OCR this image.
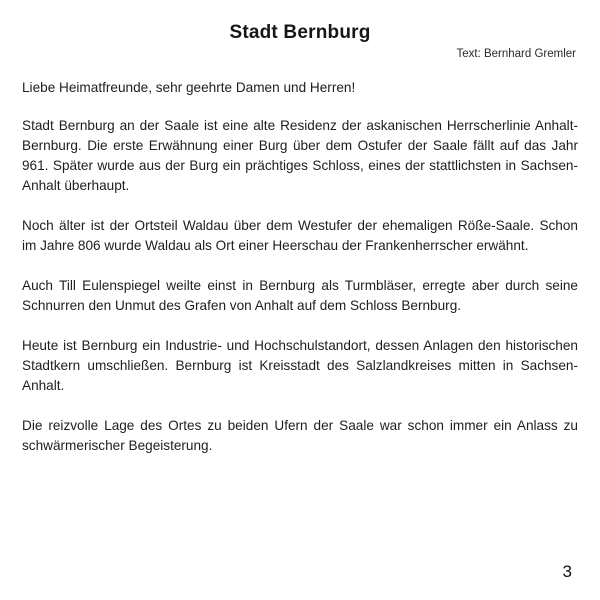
Stadt Bernburg
Text: Bernhard Gremler

Liebe Heimatfreunde, sehr geehrte Damen und Herren!

Stadt Bernburg an der Saale ist eine alte Residenz der askanischen Herrscherlinie Anhalt-Bernburg. Die erste Erwähnung einer Burg über dem Ostufer der Saale fällt auf das Jahr 961. Später wurde aus der Burg ein prächtiges Schloss, eines der stattlichsten in Sachsen-Anhalt überhaupt.

Noch älter ist der Ortsteil Waldau über dem Westufer der ehemaligen Röße-Saale. Schon im Jahre 806 wurde Waldau als Ort einer Heerschau der Frankenherrscher erwähnt.

Auch Till Eulenspiegel weilte einst in Bernburg als Turmbläser, erregte aber durch seine Schnurren den Unmut des Grafen von Anhalt auf dem Schloss Bernburg.

Heute ist Bernburg ein Industrie- und Hochschulstandort, dessen Anlagen den historischen Stadtkern umschließen. Bernburg ist Kreisstadt des Salzlandkreises mitten in Sachsen-Anhalt.

Die reizvolle Lage des Ortes zu beiden Ufern der Saale war schon immer ein Anlass zu schwärmerischer Begeisterung.

3
